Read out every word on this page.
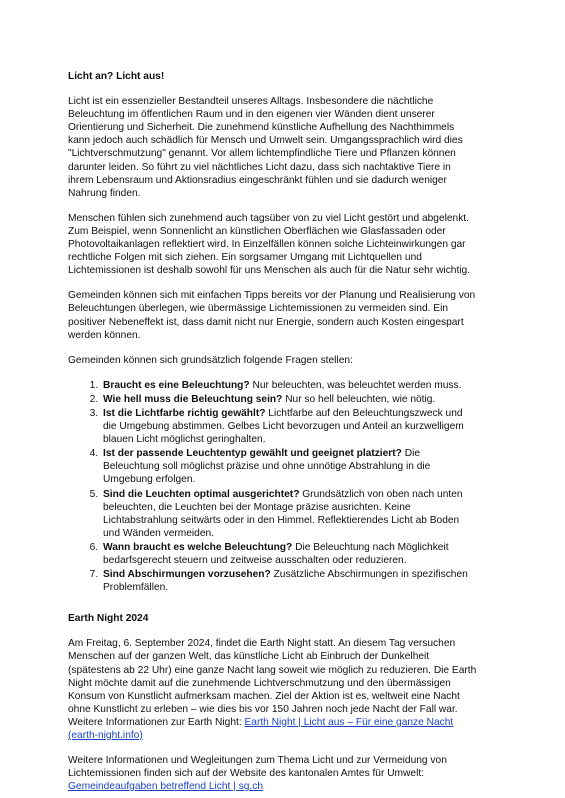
Licht an? Licht aus!

Licht ist ein essenzieller Bestandteil unseres Alltags. Insbesondere die nächtliche Beleuchtung im öffentlichen Raum und in den eigenen vier Wänden dient unserer Orientierung und Sicherheit. Die zunehmend künstliche Aufhellung des Nachthimmels kann jedoch auch schädlich für Mensch und Umwelt sein. Umgangssprachlich wird dies "Lichtverschmutzung" genannt. Vor allem lichtempfindliche Tiere und Pflanzen können darunter leiden. So führt zu viel nächtliches Licht dazu, dass sich nachtaktive Tiere in ihrem Lebensraum und Aktionsradius eingeschränkt fühlen und sie dadurch weniger Nahrung finden.

Menschen fühlen sich zunehmend auch tagsüber von zu viel Licht gestört und abgelenkt. Zum Beispiel, wenn Sonnenlicht an künstlichen Oberflächen wie Glasfassaden oder Photovoltaikanlagen reflektiert wird. In Einzelfällen können solche Lichteinwirkungen gar rechtliche Folgen mit sich ziehen. Ein sorgsamer Umgang mit Lichtquellen und Lichtemissionen ist deshalb sowohl für uns Menschen als auch für die Natur sehr wichtig.

Gemeinden können sich mit einfachen Tipps bereits vor der Planung und Realisierung von Beleuchtungen überlegen, wie übermässige Lichtemissionen zu vermeiden sind. Ein positiver Nebeneffekt ist, dass damit nicht nur Energie, sondern auch Kosten eingespart werden können.

Gemeinden können sich grundsätzlich folgende Fragen stellen:

1. Braucht es eine Beleuchtung? Nur beleuchten, was beleuchtet werden muss.
2. Wie hell muss die Beleuchtung sein? Nur so hell beleuchten, wie nötig.
3. Ist die Lichtfarbe richtig gewählt? Lichtfarbe auf den Beleuchtungszweck und die Umgebung abstimmen. Gelbes Licht bevorzugen und Anteil an kurzwelligem blauen Licht möglichst geringhalten.
4. Ist der passende Leuchtentyp gewählt und geeignet platziert? Die Beleuchtung soll möglichst präzise und ohne unnötige Abstrahlung in die Umgebung erfolgen.
5. Sind die Leuchten optimal ausgerichtet? Grundsätzlich von oben nach unten beleuchten, die Leuchten bei der Montage präzise ausrichten. Keine Lichtabstrahlung seitwärts oder in den Himmel. Reflektierendes Licht ab Boden und Wänden vermeiden.
6. Wann braucht es welche Beleuchtung? Die Beleuchtung nach Möglichkeit bedarfsgerecht steuern und zeitweise ausschalten oder reduzieren.
7. Sind Abschirmungen vorzusehen? Zusätzliche Abschirmungen in spezifischen Problemfällen.
Earth Night 2024

Am Freitag, 6. September 2024, findet die Earth Night statt. An diesem Tag versuchen Menschen auf der ganzen Welt, das künstliche Licht ab Einbruch der Dunkelheit (spätestens ab 22 Uhr) eine ganze Nacht lang soweit wie möglich zu reduzieren. Die Earth Night möchte damit auf die zunehmende Lichtverschmutzung und den übermässigen Konsum von Kunstlicht aufmerksam machen. Ziel der Aktion ist es, weltweit eine Nacht ohne Kunstlicht zu erleben – wie dies bis vor 150 Jahren noch jede Nacht der Fall war. Weitere Informationen zur Earth Night: Earth Night | Licht aus – Für eine ganze Nacht (earth-night.info)

Weitere Informationen und Wegleitungen zum Thema Licht und zur Vermeidung von Lichtemissionen finden sich auf der Website des kantonalen Amtes für Umwelt: Gemeindeaufgaben betreffend Licht | sg.ch
